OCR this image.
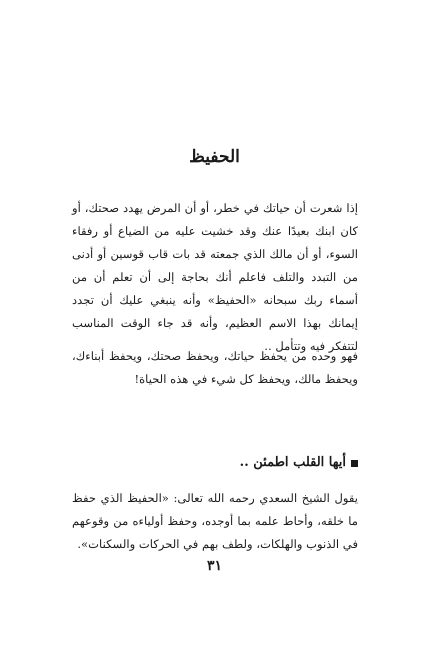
الحفيظ

إذا شعرت أن حياتك في خطر، أو أن المرض يهدد صحتك، أو كان ابنك بعيدًا عنك وقد خشيت عليه من الضياع أو رفقاء السوء، أو أن مالك الذي جمعته قد بات قاب قوسين أو أدنى من التبدد والتلف فاعلم أنك بحاجة إلى أن تعلم أن من أسماء ربك سبحانه «الحفيظ» وأنه ينبغي عليك أن تجدد إيمانك بهذا الاسم العظيم، وأنه قد جاء الوقت المناسب لتتفكر فيه وتتأمل ..

فهو وحده من يحفظ حياتك، ويحفظ صحتك، ويحفظ أبناءك، ويحفظ مالك، ويحفظ كل شيء في هذه الحياة!

أيها القلب اطمئن ..

يقول الشيخ السعدي رحمه الله تعالى: «الحفيظ الذي حفظ ما خلقه، وأحاط علمه بما أوجده، وحفظ أولياءه من وقوعهم في الذنوب والهلكات، ولطف بهم في الحركات والسكنات».

٣١
